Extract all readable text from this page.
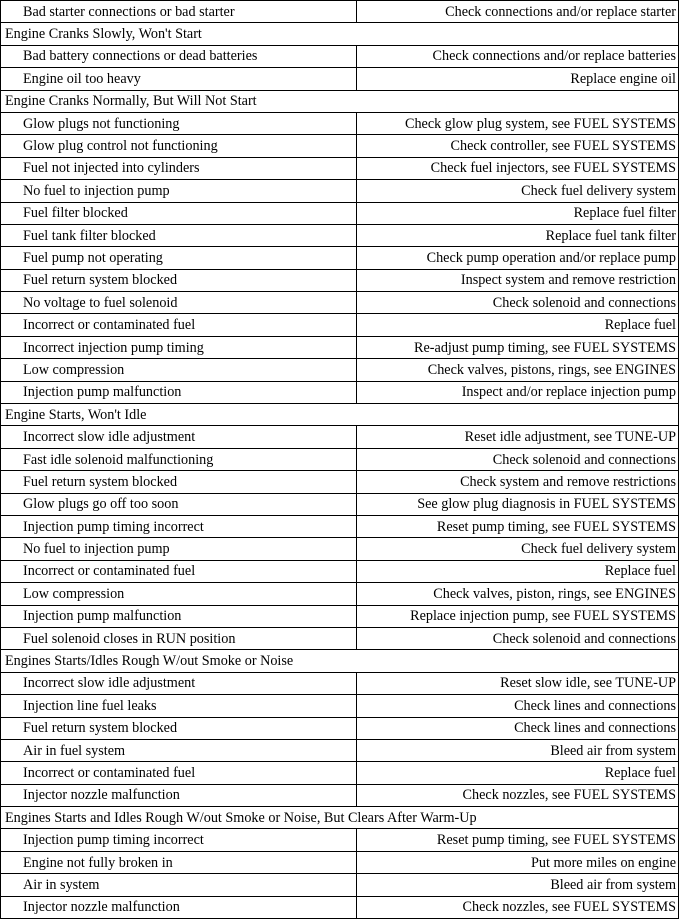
Bad starter connections or bad starter	Check connections and/or replace starter
Engine Cranks Slowly, Won't Start	
Bad battery connections or dead batteries	Check connections and/or replace batteries
Engine oil too heavy	Replace engine oil
Engine Cranks Normally, But Will Not Start	
Glow plugs not functioning	Check glow plug system, see FUEL SYSTEMS
Glow plug control not functioning	Check controller, see FUEL SYSTEMS
Fuel not injected into cylinders	Check fuel injectors, see FUEL SYSTEMS
No fuel to injection pump	Check fuel delivery system
Fuel filter blocked	Replace fuel filter
Fuel tank filter blocked	Replace fuel tank filter
Fuel pump not operating	Check pump operation and/or replace pump
Fuel return system blocked	Inspect system and remove restriction
No voltage to fuel solenoid	Check solenoid and connections
Incorrect or contaminated fuel	Replace fuel
Incorrect injection pump timing	Re-adjust pump timing, see FUEL SYSTEMS
Low compression	Check valves, pistons, rings, see ENGINES
Injection pump malfunction	Inspect and/or replace injection pump
Engine Starts, Won't Idle	
Incorrect slow idle adjustment	Reset idle adjustment, see TUNE-UP
Fast idle solenoid malfunctioning	Check solenoid and connections
Fuel return system blocked	Check system and remove restrictions
Glow plugs go off too soon	See glow plug diagnosis in FUEL SYSTEMS
Injection pump timing incorrect	Reset pump timing, see FUEL SYSTEMS
No fuel to injection pump	Check fuel delivery system
Incorrect or contaminated fuel	Replace fuel
Low compression	Check valves, piston, rings, see ENGINES
Injection pump malfunction	Replace injection pump, see FUEL SYSTEMS
Fuel solenoid closes in RUN position	Check solenoid and connections
Engines Starts/Idles Rough W/out Smoke or Noise	
Incorrect slow idle adjustment	Reset slow idle, see TUNE-UP
Injection line fuel leaks	Check lines and connections
Fuel return system blocked	Check lines and connections
Air in fuel system	Bleed air from system
Incorrect or contaminated fuel	Replace fuel
Injector nozzle malfunction	Check nozzles, see FUEL SYSTEMS
Engines Starts and Idles Rough W/out Smoke or Noise, But Clears After Warm-Up	
Injection pump timing incorrect	Reset pump timing, see FUEL SYSTEMS
Engine not fully broken in	Put more miles on engine
Air in system	Bleed air from system
Injector nozzle malfunction	Check nozzles, see FUEL SYSTEMS
